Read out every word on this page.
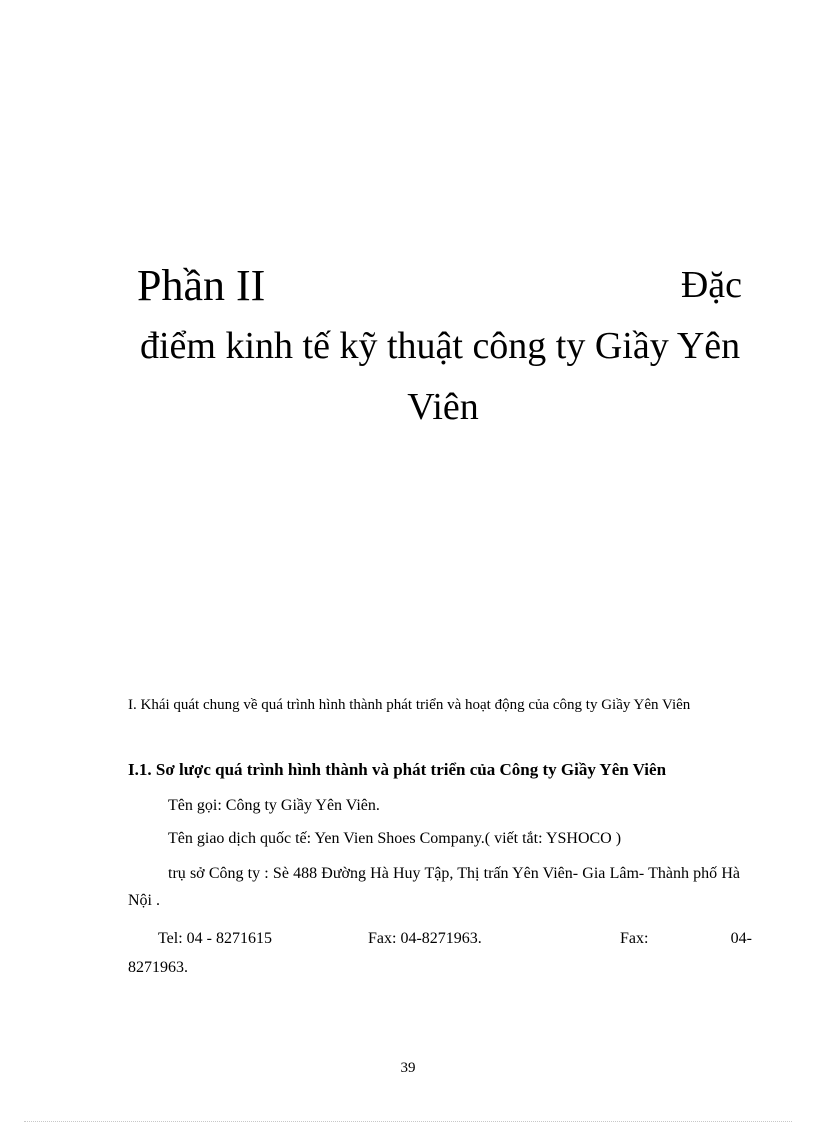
Phần II	Đặc
điểm kinh tế kỹ thuật công ty Giầy Yên
Viên
I. Khái quát chung về quá trình hình thành phát triển và hoạt động của công ty Giầy Yên Viên
I.1. Sơ lược quá trình hình thành và phát triển của Công ty Giầy Yên Viên
Tên gọi: Công ty Giầy Yên Viên.
Tên giao dịch quốc tế: Yen Vien Shoes Company.( viết tắt: YSHOCO )
trụ sở Công ty : Sè 488 Đường Hà Huy Tập, Thị trấn Yên Viên- Gia Lâm- Thành phố Hà Nội .
Tel: 04 - 8271615	Fax: 04-8271963.	Fax:	04-
8271963.
39
